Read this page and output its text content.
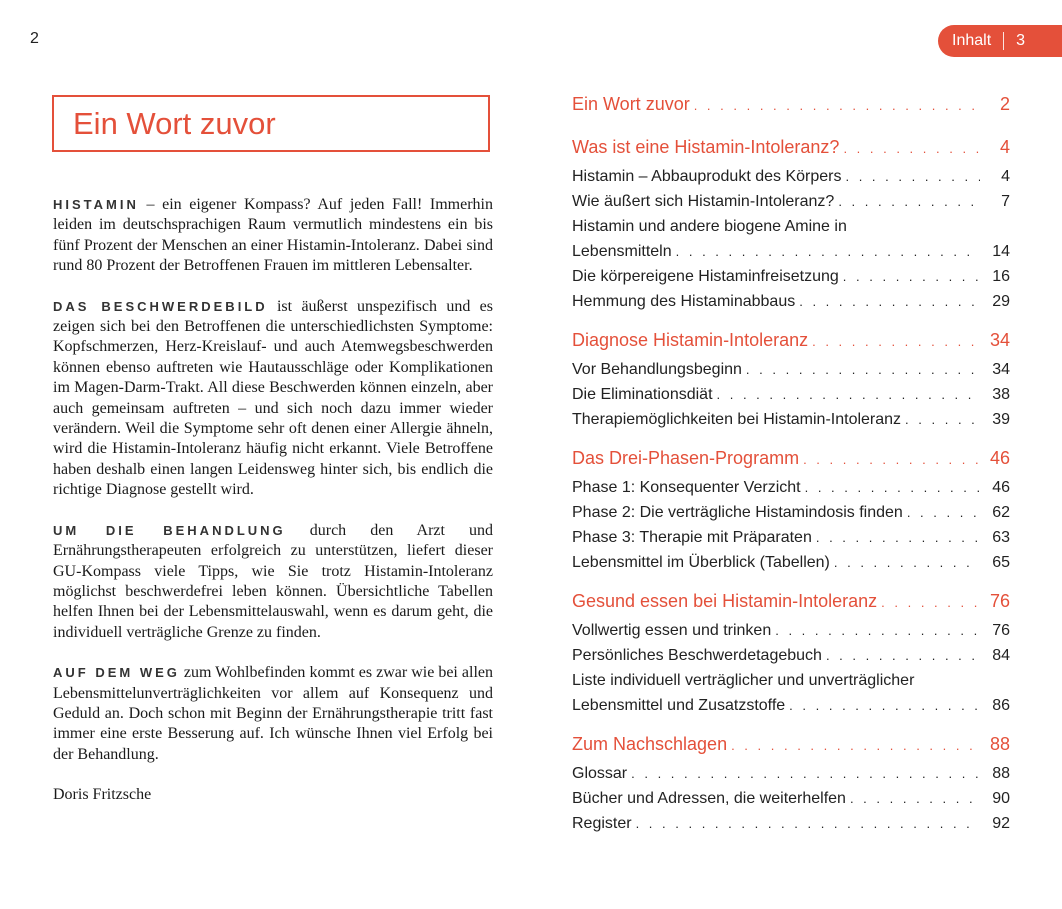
2	Inhalt 3
Ein Wort zuvor

HISTAMIN – ein eigener Kompass? Auf jeden Fall! Immerhin leiden im deutschsprachigen Raum vermutlich mindestens ein bis fünf Prozent der Menschen an einer Histamin-Intoleranz. Dabei sind rund 80 Prozent der Betroffenen Frauen im mittleren Lebensalter.

DAS BESCHWERDEBILD ist äußerst unspezifisch und es zeigen sich bei den Betroffenen die unterschiedlichsten Symptome: Kopfschmerzen, Herz-Kreislauf- und auch Atemwegsbeschwerden können ebenso auftreten wie Hautausschläge oder Komplikationen im Magen-Darm-Trakt. All diese Beschwerden können einzeln, aber auch gemeinsam auftreten – und sich noch dazu immer wieder verändern. Weil die Symptome sehr oft denen einer Allergie ähneln, wird die Histamin-Intoleranz häufig nicht erkannt. Viele Betroffene haben deshalb einen langen Leidensweg hinter sich, bis endlich die richtige Diagnose gestellt wird.

UM DIE BEHANDLUNG durch den Arzt und Ernährungstherapeuten erfolgreich zu unterstützen, liefert dieser GU-Kompass viele Tipps, wie Sie trotz Histamin-Intoleranz möglichst beschwerdefrei leben können. Übersichtliche Tabellen helfen Ihnen bei der Lebensmittelauswahl, wenn es darum geht, die individuell verträgliche Grenze zu finden.

AUF DEM WEG zum Wohlbefinden kommt es zwar wie bei allen Lebensmittelunverträglichkeiten vor allem auf Konsequenz und Geduld an. Doch schon mit Beginn der Ernährungstherapie tritt fast immer eine erste Besserung auf. Ich wünsche Ihnen viel Erfolg bei der Behandlung.

Doris Fritzsche

Ein Wort zuvor . . .	2
Was ist eine Histamin-Intoleranz? . . .	4
Histamin – Abbauprodukt des Körpers . . .	4
Wie äußert sich Histamin-Intoleranz? . . .	7
Histamin und andere biogene Amine in
Lebensmitteln . . .	14
Die körpereigene Histaminfreisetzung . . .	16
Hemmung des Histaminabbaus . . .	29
Diagnose Histamin-Intoleranz . . .	34
Vor Behandlungsbeginn . . .	34
Die Eliminationsdiät . . .	38
Therapiemöglichkeiten bei Histamin-Intoleranz . . .	39
Das Drei-Phasen-Programm . . .	46
Phase 1: Konsequenter Verzicht . . .	46
Phase 2: Die verträgliche Histamindosis finden . . .	62
Phase 3: Therapie mit Präparaten . . .	63
Lebensmittel im Überblick (Tabellen) . . .	65
Gesund essen bei Histamin-Intoleranz . . .	76
Vollwertig essen und trinken . . .	76
Persönliches Beschwerdetagebuch . . .	84
Liste individuell verträglicher und unverträglicher
Lebensmittel und Zusatzstoffe . . .	86
Zum Nachschlagen . . .	88
Glossar . . .	88
Bücher und Adressen, die weiterhelfen . . .	90
Register . . .	92
